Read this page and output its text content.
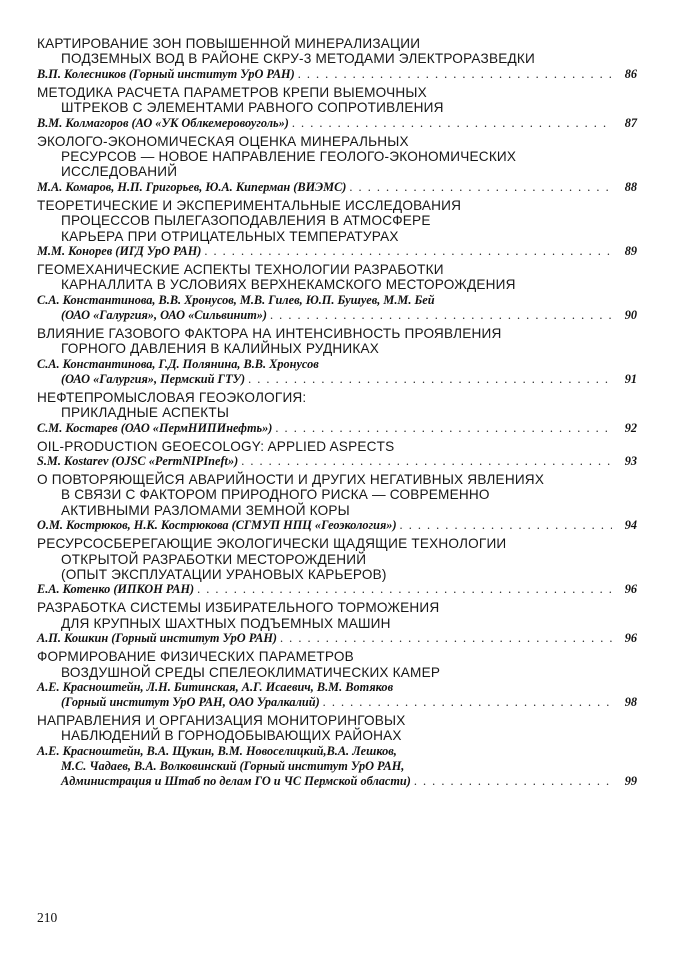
КАРТИРОВАНИЕ ЗОН ПОВЫШЕННОЙ МИНЕРАЛИЗАЦИИ
ПОДЗЕМНЫХ ВОД В РАЙОНЕ СКРУ-3 МЕТОДАМИ ЭЛЕКТРОРАЗВЕДКИ
В.П. Колесников (Горный институт УрО РАН) . . .	86
МЕТОДИКА РАСЧЕТА ПАРАМЕТРОВ КРЕПИ ВЫЕМОЧНЫХ
ШТРЕКОВ С ЭЛЕМЕНТАМИ РАВНОГО СОПРОТИВЛЕНИЯ
В.М. Колмагоров (АО «УК Облкемеровоуголь») . . .	87
ЭКОЛОГО-ЭКОНОМИЧЕСКАЯ ОЦЕНКА МИНЕРАЛЬНЫХ
РЕСУРСОВ — НОВОЕ НАПРАВЛЕНИЕ ГЕОЛОГО-ЭКОНОМИЧЕСКИХ
ИССЛЕДОВАНИЙ
М.А. Комаров, Н.П. Григорьев, Ю.А. Киперман (ВИЭМС) . . .	88
ТЕОРЕТИЧЕСКИЕ И ЭКСПЕРИМЕНТАЛЬНЫЕ ИССЛЕДОВАНИЯ
ПРОЦЕССОВ ПЫЛЕГАЗОПОДАВЛЕНИЯ В АТМОСФЕРЕ
КАРЬЕРА ПРИ ОТРИЦАТЕЛЬНЫХ ТЕМПЕРАТУРАХ
М.М. Конорев (ИГД УрО РАН) . . .	89
ГЕОМЕХАНИЧЕСКИЕ АСПЕКТЫ ТЕХНОЛОГИИ РАЗРАБОТКИ
КАРНАЛЛИТА В УСЛОВИЯХ ВЕРХНЕКАМСКОГО МЕСТОРОЖДЕНИЯ
С.А. Константинова, В.В. Хронусов, М.В. Гилев, Ю.П. Бушуев, М.М. Бей
(ОАО «Галургия», ОАО «Сильвинит») . . .	90
ВЛИЯНИЕ ГАЗОВОГО ФАКТОРА НА ИНТЕНСИВНОСТЬ ПРОЯВЛЕНИЯ
ГОРНОГО ДАВЛЕНИЯ В КАЛИЙНЫХ РУДНИКАХ
С.А. Константинова, Г.Д. Полянина, В.В. Хронусов
(ОАО «Галургия», Пермский ГТУ) . . .	91
НЕФТЕПРОМЫСЛОВАЯ ГЕОЭКОЛОГИЯ:
ПРИКЛАДНЫЕ АСПЕКТЫ
С.М. Костарев (ОАО «ПермНИПИнефть») . . .	92
OIL-PRODUCTION GEOECOLOGY: APPLIED ASPECTS
S.M. Kostarev (OJSC «PermNIPIneft») . . .	93
О ПОВТОРЯЮЩЕЙСЯ АВАРИЙНОСТИ И ДРУГИХ НЕГАТИВНЫХ ЯВЛЕНИЯХ
В СВЯЗИ С ФАКТОРОМ ПРИРОДНОГО РИСКА — СОВРЕМЕННО
АКТИВНЫМИ РАЗЛОМАМИ ЗЕМНОЙ КОРЫ
О.М. Кострюков, Н.К. Кострюкова (СГМУП НПЦ «Геоэкология») . . .	94
РЕСУРСОСБЕРЕГАЮЩИЕ ЭКОЛОГИЧЕСКИ ЩАДЯЩИЕ ТЕХНОЛОГИИ
ОТКРЫТОЙ РАЗРАБОТКИ МЕСТОРОЖДЕНИЙ
(ОПЫТ ЭКСПЛУАТАЦИИ УРАНОВЫХ КАРЬЕРОВ)
Е.А. Котенко (ИПКОН РАН) . . .	96
РАЗРАБОТКА СИСТЕМЫ ИЗБИРАТЕЛЬНОГО ТОРМОЖЕНИЯ
ДЛЯ КРУПНЫХ ШАХТНЫХ ПОДЪЕМНЫХ МАШИН
А.П. Кошкин (Горный институт УрО РАН) . . .	96
ФОРМИРОВАНИЕ ФИЗИЧЕСКИХ ПАРАМЕТРОВ
ВОЗДУШНОЙ СРЕДЫ СПЕЛЕОКЛИМАТИЧЕСКИХ КАМЕР
А.Е. Красноштейн, Л.Н. Битинская, А.Г. Исаевич, В.М. Вотяков
(Горный институт УрО РАН, ОАО Уралкалий) . . .	98
НАПРАВЛЕНИЯ И ОРГАНИЗАЦИЯ МОНИТОРИНГОВЫХ
НАБЛЮДЕНИЙ В ГОРНОДОБЫВАЮЩИХ РАЙОНАХ
А.Е. Красноштейн, В.А. Щукин, В.М. Новоселицкий,В.А. Лешков,
М.С. Чадаев, В.А. Волковинский (Горный институт УрО РАН,
Администрация и Штаб по делам ГО и ЧС Пермской области) . . .	99
210
